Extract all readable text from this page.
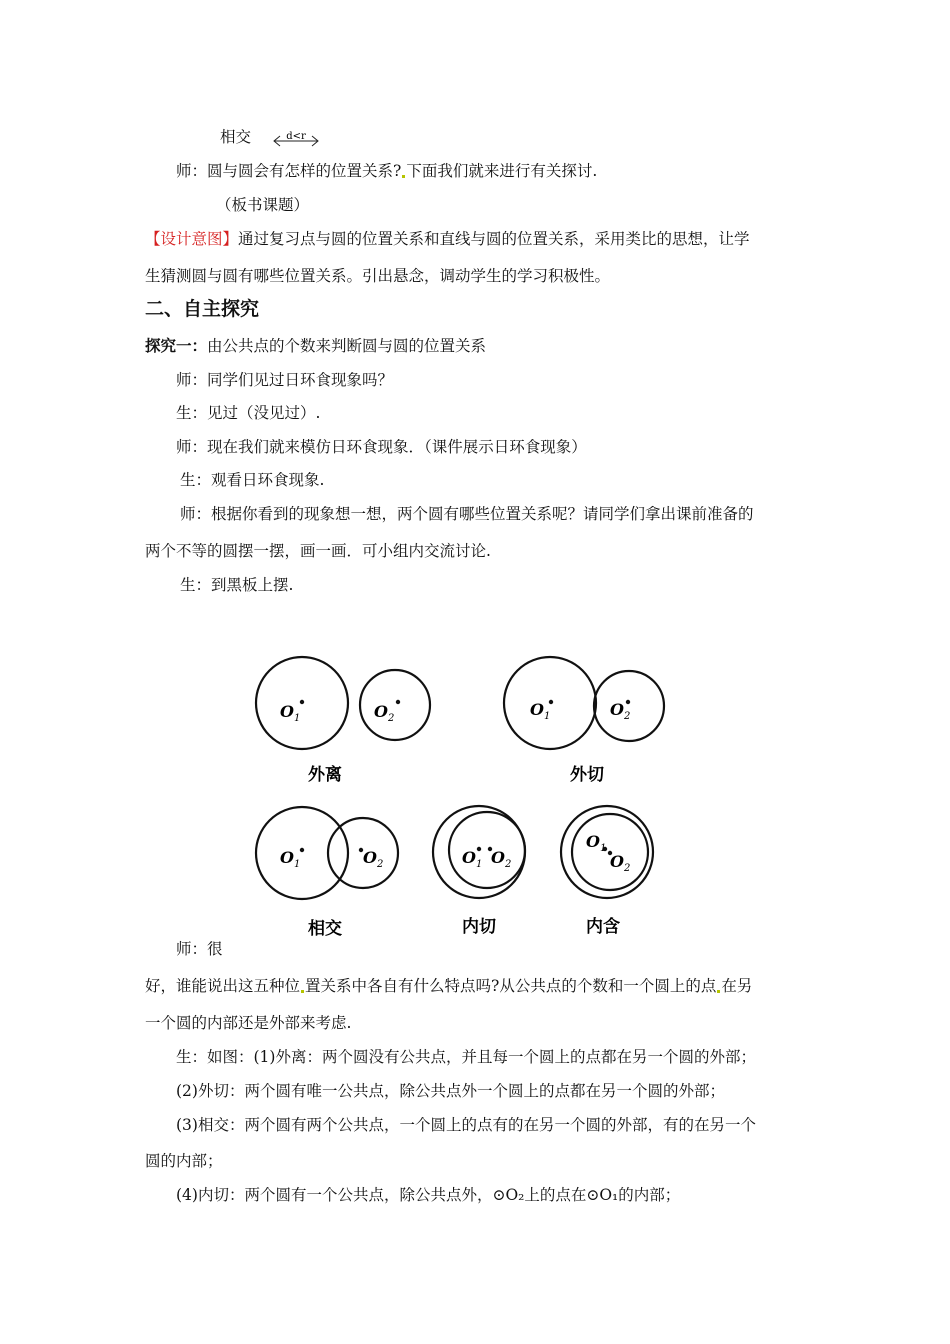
相交	d<r
师：圆与圆会有怎样的位置关系? 下面我们就来进行有关探讨.
（板书课题）
【设计意图】通过复习点与圆的位置关系和直线与圆的位置关系，采用类比的思想，让学
生猜测圆与圆有哪些位置关系。引出悬念，调动学生的学习积极性。
二、自主探究
探究一：由公共点的个数来判断圆与圆的位置关系
师：同学们见过日环食现象吗？
生：见过（没见过）.
师：现在我们就来模仿日环食现象．（课件展示日环食现象）
生：观看日环食现象.
师：根据你看到的现象想一想，两个圆有哪些位置关系呢？请同学们拿出课前准备的
两个不等的圆摆一摆，画一画．可小组内交流讨论.
生：到黑板上摆.
$O_1$	$O_2$	$O_1$	$O_2$
$O_1$	$O_2$	$O_1$ $O_2$
$O_1$
$O_2$
外离	外切
相交	内切	内含
师：很
好，谁能说出这五种位 置关系中各自有什么特点吗?从公共点的个数和一个圆上的点 在另
一个圆的内部还是外部来考虑.
生：如图：(1)外离：两个圆没有公共点，并且每一个圆上的点都在另一个圆的外部；
(2)外切：两个圆有唯一公共点，除公共点外一个圆上的点都在另一个圆的外部；
(3)相交：两个圆有两个公共点，一个圆上的点有的在另一个圆的外部，有的在另一个
圆的内部；
(4)内切：两个圆有一个公共点，除公共点外，⊙O₂上的点在⊙O₁的内部；
